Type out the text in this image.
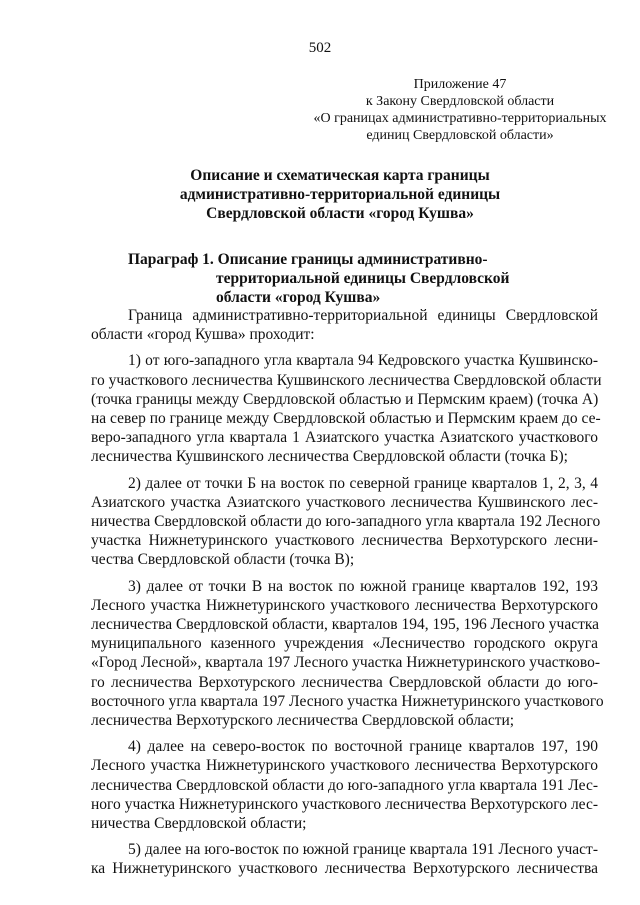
502
Приложение 47
к Закону Свердловской области
«О границах административно-территориальных
единиц Свердловской области»
Описание и схематическая карта границы
административно-территориальной единицы
Свердловской области «город Кушва»
Параграф 1. Описание границы административно-
территориальной единицы Свердловской
области «город Кушва»

Граница административно-территориальной единицы Свердловской
области «город Кушва» проходит:

1) от юго-западного угла квартала 94 Кедровского участка Кушвинско-
го участкового лесничества Кушвинского лесничества Свердловской области
(точка границы между Свердловской областью и Пермским краем) (точка А)
на север по границе между Свердловской областью и Пермским краем до се-
веро-западного угла квартала 1 Азиатского участка Азиатского участкового
лесничества Кушвинского лесничества Свердловской области (точка Б);

2) далее от точки Б на восток по северной границе кварталов 1, 2, 3, 4
Азиатского участка Азиатского участкового лесничества Кушвинского лес-
ничества Свердловской области до юго-западного угла квартала 192 Лесного
участка Нижнетуринского участкового лесничества Верхотурского лесни-
чества Свердловской области (точка В);

3) далее от точки В на восток по южной границе кварталов 192, 193
Лесного участка Нижнетуринского участкового лесничества Верхотурского
лесничества Свердловской области, кварталов 194, 195, 196 Лесного участка
муниципального казенного учреждения «Лесничество городского округа
«Город Лесной», квартала 197 Лесного участка Нижнетуринского участково-
го лесничества Верхотурского лесничества Свердловской области до юго-
восточного угла квартала 197 Лесного участка Нижнетуринского участкового
лесничества Верхотурского лесничества Свердловской области;

4) далее на северо-восток по восточной границе кварталов 197, 190
Лесного участка Нижнетуринского участкового лесничества Верхотурского
лесничества Свердловской области до юго-западного угла квартала 191 Лес-
ного участка Нижнетуринского участкового лесничества Верхотурского лес-
ничества Свердловской области;

5) далее на юго-восток по южной границе квартала 191 Лесного участ-
ка Нижнетуринского участкового лесничества Верхотурского лесничества
